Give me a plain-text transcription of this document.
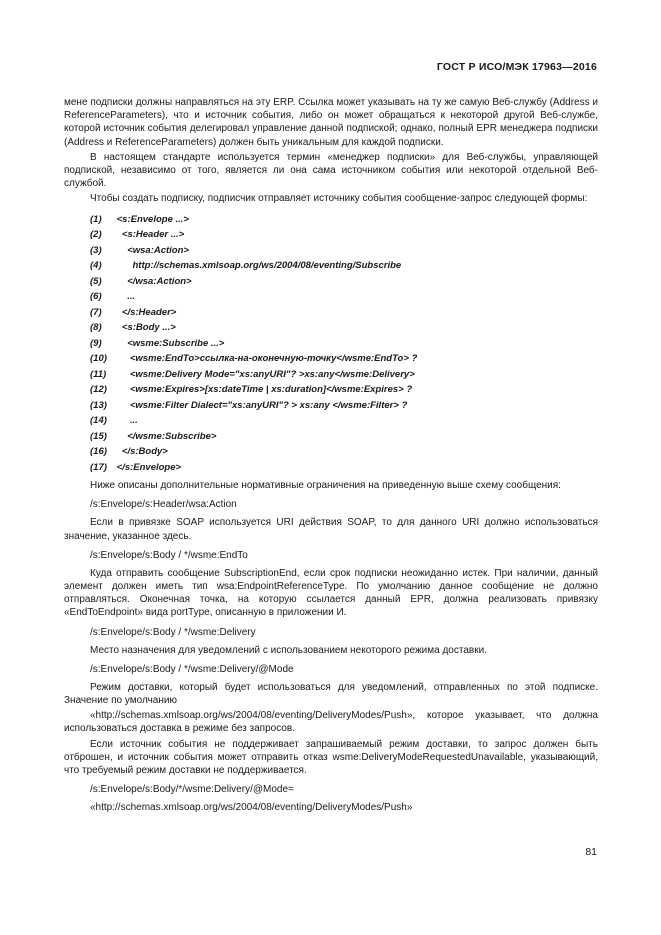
ГОСТ Р ИСО/МЭК 17963—2016

мене подписки должны направляться на эту ERP. Ссылка может указывать на ту же самую Веб-службу (Address и ReferenceParameters), что и источник события, либо он может обращаться к некоторой другой Веб-службе, которой источник события делегировал управление данной подпиской; однако, полный EPR менеджера подписки (Address и ReferenceParameters) должен быть уникальным для каждой подписки.

В настоящем стандарте используется термин «менеджер подписки» для Веб-службы, управляющей подпиской, независимо от того, является ли она сама источником события или некоторой отдельной Веб-службой.

Чтобы создать подписку, подписчик отправляет источнику события сообщение-запрос следующей формы:

(1) <s:Envelope ...>
(2)   <s:Header ...>
(3)     <wsa:Action>
(4)       http://schemas.xmlsoap.org/ws/2004/08/eventing/Subscribe
(5)     </wsa:Action>
(6)     ...
(7)   </s:Header>
(8)   <s:Body ...>
(9)     <wsme:Subscribe ...>
(10)      <wsme:EndTo>ссылка-на-оконечную-точку</wsme:EndTo> ?
(11)      <wsme:Delivery Mode="xs:anyURI"? >xs:any</wsme:Delivery>
(12)      <wsme:Expires>[xs:dateTime | xs:duration]</wsme:Expires> ?
(13)      <wsme:Filter Dialect="xs:anyURI"? > xs:any </wsme:Filter> ?
(14)      ...
(15)     </wsme:Subscribe>
(16)   </s:Body>
(17) </s:Envelope>

Ниже описаны дополнительные нормативные ограничения на приведенную выше схему сообщения:

/s:Envelope/s:Header/wsa:Action

Если в привязке SOAP используется URI действия SOAP, то для данного URI должно использоваться значение, указанное здесь.

/s:Envelope/s:Body / */wsme:EndTo

Куда отправить сообщение SubscriptionEnd, если срок подписки неожиданно истек. При наличии, данный элемент должен иметь тип wsa:EndpointReferenceType. По умолчанию данное сообщение не должно отправляться. Оконечная точка, на которую ссылается данный EPR, должна реализовать привязку «EndToEndpoint» вида portType, описанную в приложении И.

/s:Envelope/s:Body / */wsme:Delivery

Место назначения для уведомлений с использованием некоторого режима доставки.

/s:Envelope/s:Body / */wsme:Delivery/@Mode

Режим доставки, который будет использоваться для уведомлений, отправленных по этой подписке. Значение по умолчанию

«http://schemas.xmlsoap.org/ws/2004/08/eventing/DeliveryModes/Push», которое указывает, что должна использоваться доставка в режиме без запросов.

Если источник события не поддерживает запрашиваемый режим доставки, то запрос должен быть отброшен, и источник события может отправить отказ wsme:DeliveryModeRequestedUnavailable, указывающий, что требуемый режим доставки не поддерживается.

/s:Envelope/s:Body/*/wsme:Delivery/@Mode=
«http://schemas.xmlsoap.org/ws/2004/08/eventing/DeliveryModes/Push»
81
